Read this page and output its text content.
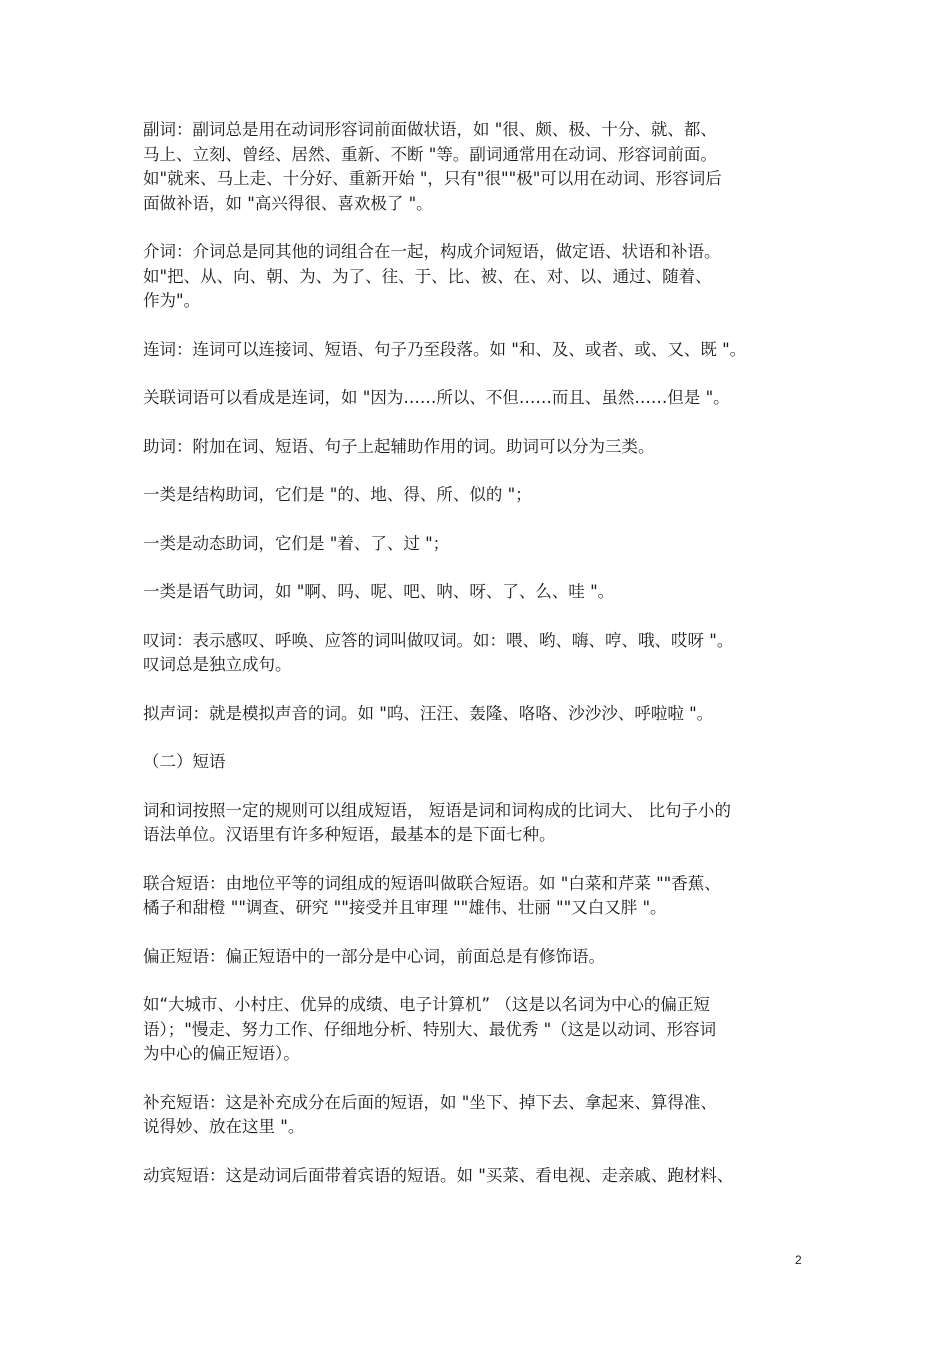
副词：副词总是用在动词形容词前面做状语，如 "很、颇、极、十分、就、都、
马上、立刻、曾经、居然、重新、不断 "等。副词通常用在动词、形容词前面。
如"就来、马上走、十分好、重新开始 "，只有"很""极"可以用在动词、形容词后
面做补语，如 "高兴得很、喜欢极了 "。

介词：介词总是同其他的词组合在一起，构成介词短语，做定语、状语和补语。
如"把、从、向、朝、为、为了、往、于、比、被、在、对、以、通过、随着、
作为"。

连词：连词可以连接词、短语、句子乃至段落。如 "和、及、或者、或、又、既 "。

关联词语可以看成是连词，如 "因为……所以、不但……而且、虽然……但是 "。

助词：附加在词、短语、句子上起辅助作用的词。助词可以分为三类。

一类是结构助词，它们是 "的、地、得、所、似的 "；

一类是动态助词，它们是 "着、了、过 "；

一类是语气助词，如 "啊、吗、呢、吧、呐、呀、了、么、哇 "。

叹词：表示感叹、呼唤、应答的词叫做叹词。如：喂、哟、嗨、哼、哦、哎呀 "。
叹词总是独立成句。

拟声词：就是模拟声音的词。如 "呜、汪汪、轰隆、咯咯、沙沙沙、呼啦啦 "。

（二）短语

词和词按照一定的规则可以组成短语， 短语是词和词构成的比词大、 比句子小的
语法单位。汉语里有许多种短语，最基本的是下面七种。

联合短语：由地位平等的词组成的短语叫做联合短语。如 "白菜和芹菜 ""香蕉、
橘子和甜橙 ""调查、研究 ""接受并且审理 ""雄伟、壮丽 ""又白又胖 "。

偏正短语：偏正短语中的一部分是中心词，前面总是有修饰语。

如“大城市、小村庄、优异的成绩、电子计算机” （这是以名词为中心的偏正短
语）；"慢走、努力工作、仔细地分析、特别大、最优秀 "（这是以动词、形容词
为中心的偏正短语）。

补充短语：这是补充成分在后面的短语，如 "坐下、掉下去、拿起来、算得准、
说得妙、放在这里 "。

动宾短语：这是动词后面带着宾语的短语。如 "买菜、看电视、走亲戚、跑材料、

2
